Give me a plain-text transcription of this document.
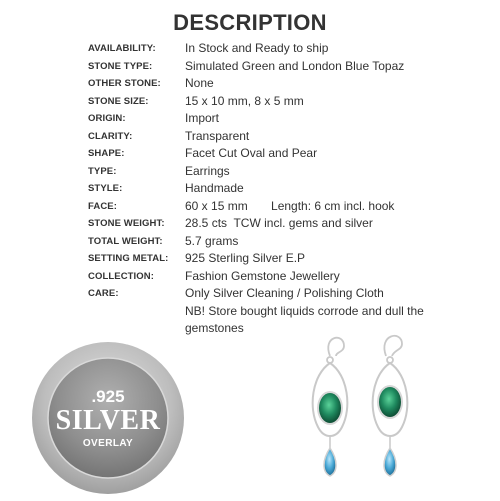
DESCRIPTION
AVAILABILITY:	In Stock and Ready to ship
STONE TYPE:	Simulated Green and London Blue Topaz
OTHER STONE:	None
STONE SIZE:	15 x 10 mm, 8 x 5 mm
ORIGIN:	Import
CLARITY:	Transparent
SHAPE:	Facet Cut Oval and Pear
TYPE:	Earrings
STYLE:	Handmade
FACE:	60 x 15 mm       Length: 6 cm incl. hook
STONE WEIGHT:	28.5 cts  TCW incl. gems and silver
TOTAL WEIGHT:	5.7 grams
SETTING METAL:	925 Sterling Silver E.P
COLLECTION:	Fashion Gemstone Jewellery
CARE:	Only Silver Cleaning / Polishing Cloth
NB! Store bought liquids corrode and dull the gemstones
.925
SILVER
OVERLAY
